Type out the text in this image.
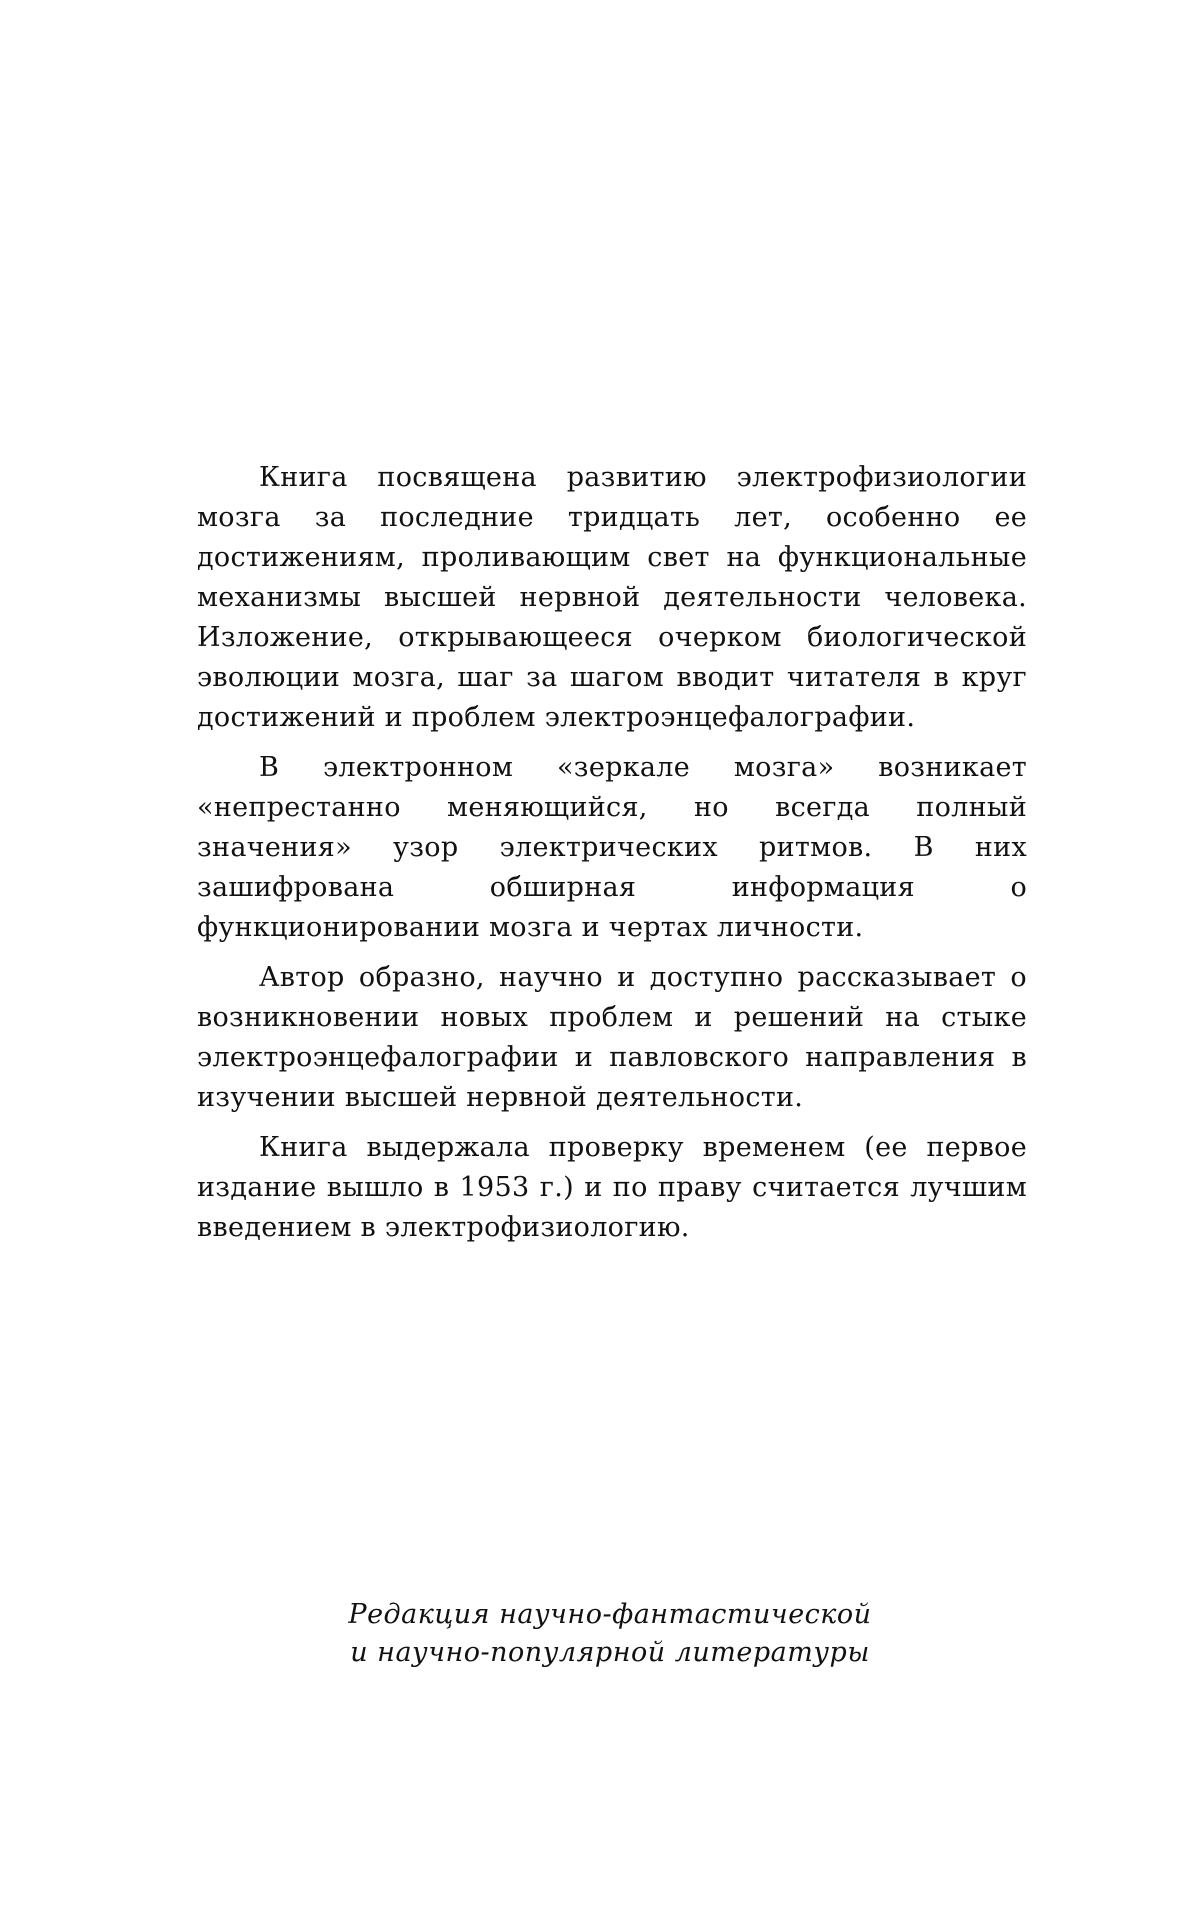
Книга посвящена развитию электрофизиологии мозга за последние тридцать лет, особенно ее достижениям, проливающим свет на функциональные механизмы высшей нервной деятельности человека. Изложение, открывающееся очерком биологической эволюции мозга, шаг за шагом вводит читателя в круг достижений и проблем электроэнцефалографии.

В электронном «зеркале мозга» возникает «непрестанно меняющийся, но всегда полный значения» узор электрических ритмов. В них зашифрована обширная информация о функционировании мозга и чертах личности.

Автор образно, научно и доступно рассказывает о возникновении новых проблем и решений на стыке электроэнцефалографии и павловского направления в изучении высшей нервной деятельности.

Книга выдержала проверку временем (ее первое издание вышло в 1953 г.) и по праву считается лучшим введением в электрофизиологию.

Редакция научно-фантастической
и научно-популярной литературы
